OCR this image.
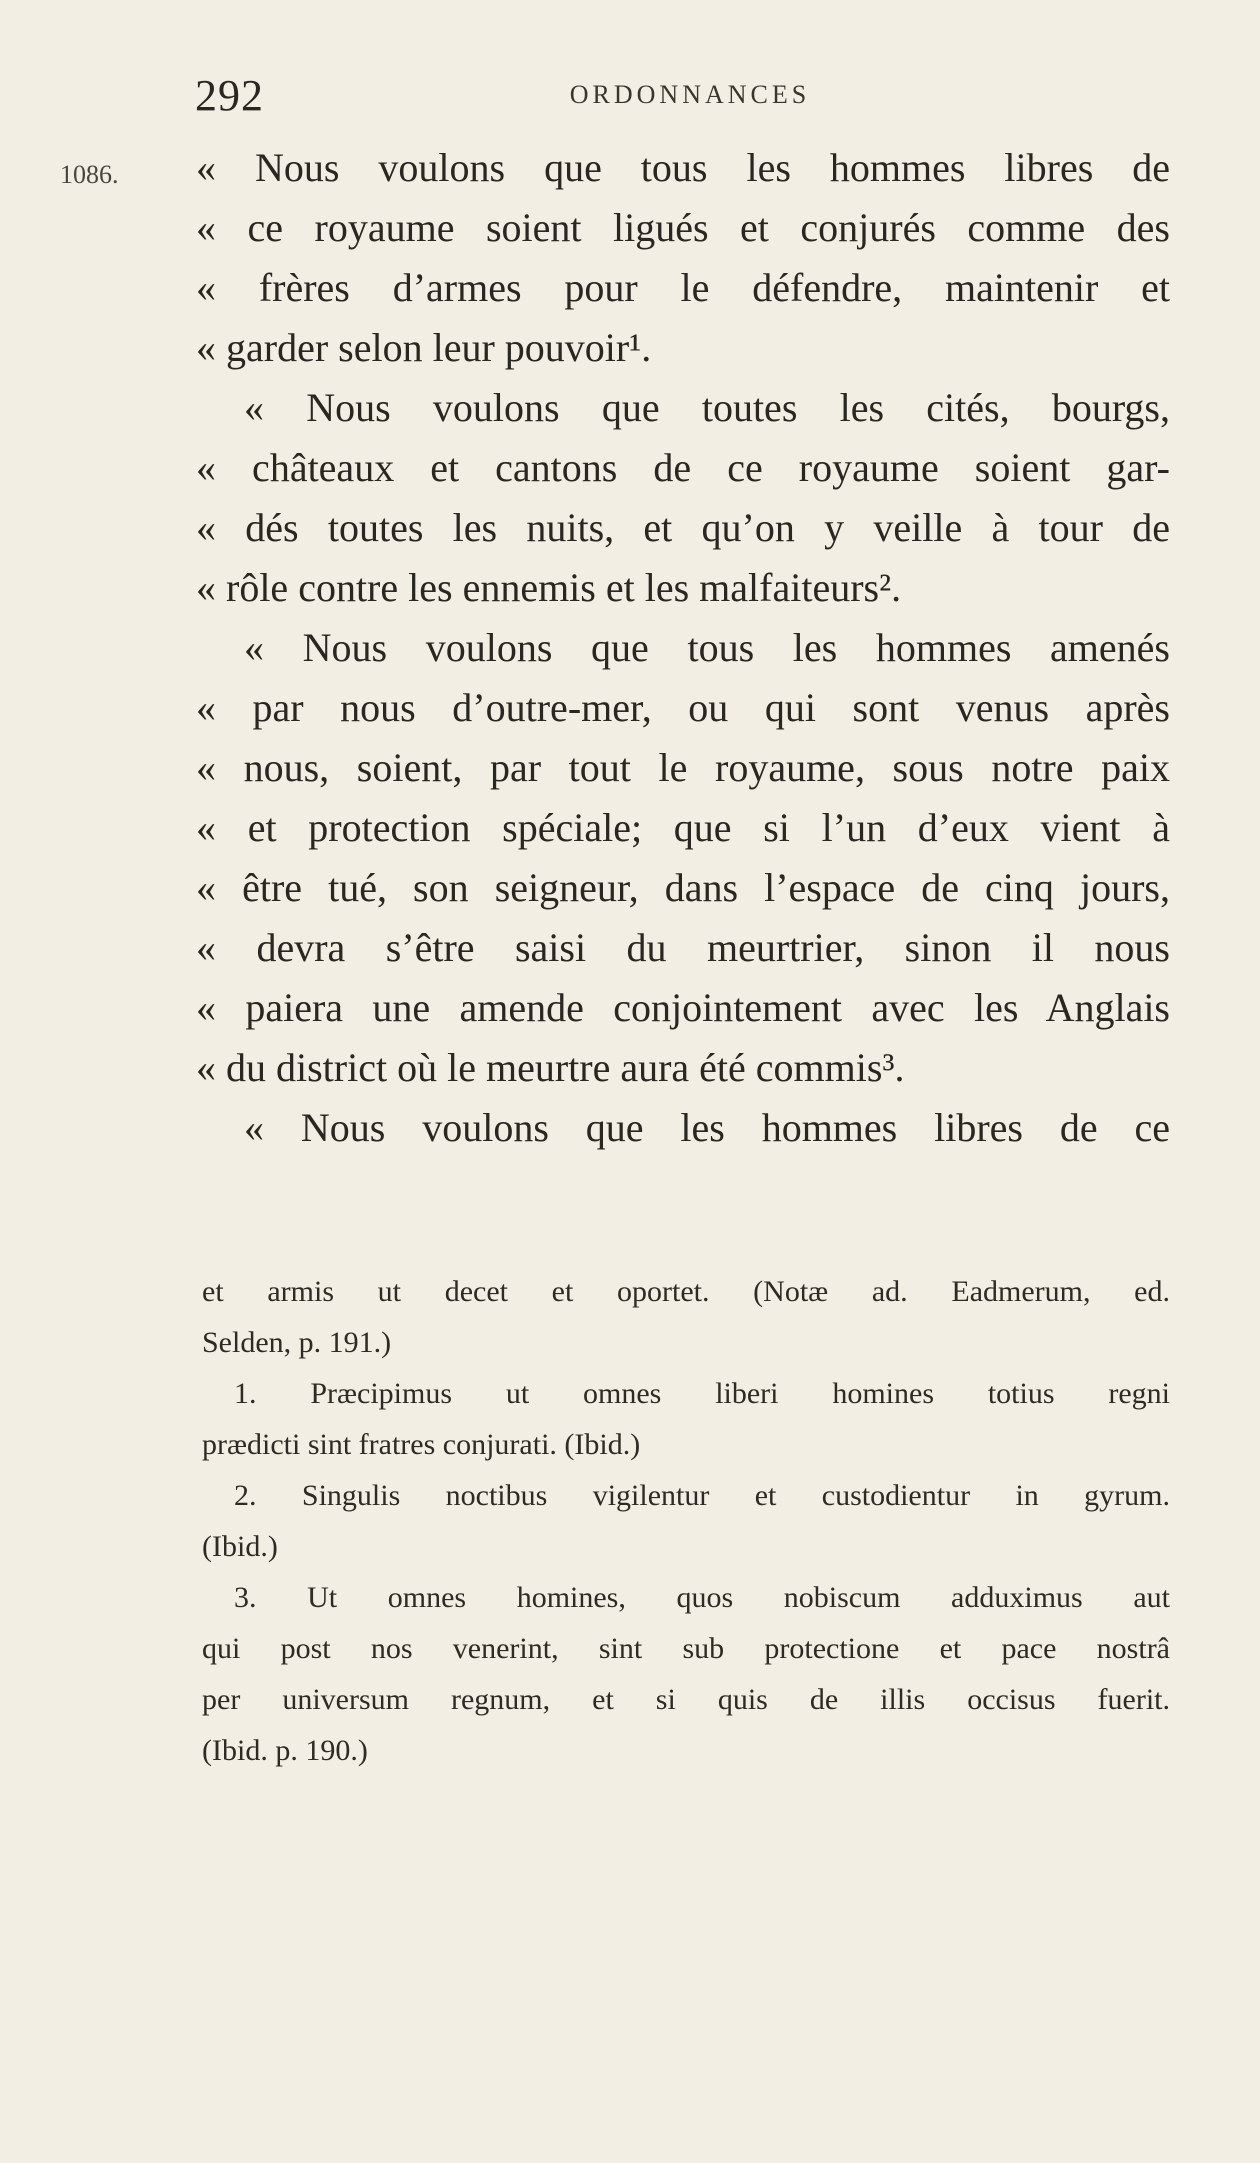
292	ORDONNANCES
1086. « Nous voulons que tous les hommes libres de
« ce royaume soient ligués et conjurés comme des
« frères d’armes pour le défendre, maintenir et
« garder selon leur pouvoir¹.
« Nous voulons que toutes les cités, bourgs,
« châteaux et cantons de ce royaume soient gar-
« dés toutes les nuits, et qu’on y veille à tour de
« rôle contre les ennemis et les malfaiteurs².
« Nous voulons que tous les hommes amenés
« par nous d’outre-mer, ou qui sont venus après
« nous, soient, par tout le royaume, sous notre paix
« et protection spéciale; que si l’un d’eux vient à
« être tué, son seigneur, dans l’espace de cinq jours,
« devra s’être saisi du meurtrier, sinon il nous
« paiera une amende conjointement avec les Anglais
« du district où le meurtre aura été commis³.
« Nous voulons que les hommes libres de ce
et armis ut decet et oportet. (Notæ ad. Eadmerum, ed.
Selden, p. 191.)
1. Præcipimus ut omnes liberi homines totius regni
prædicti sint fratres conjurati. (Ibid.)
2. Singulis noctibus vigilentur et custodientur in gyrum.
(Ibid.)
3. Ut omnes homines, quos nobiscum adduximus aut
qui post nos venerint, sint sub protectione et pace nostrâ
per universum regnum, et si quis de illis occisus fuerit.
(Ibid. p. 190.)
